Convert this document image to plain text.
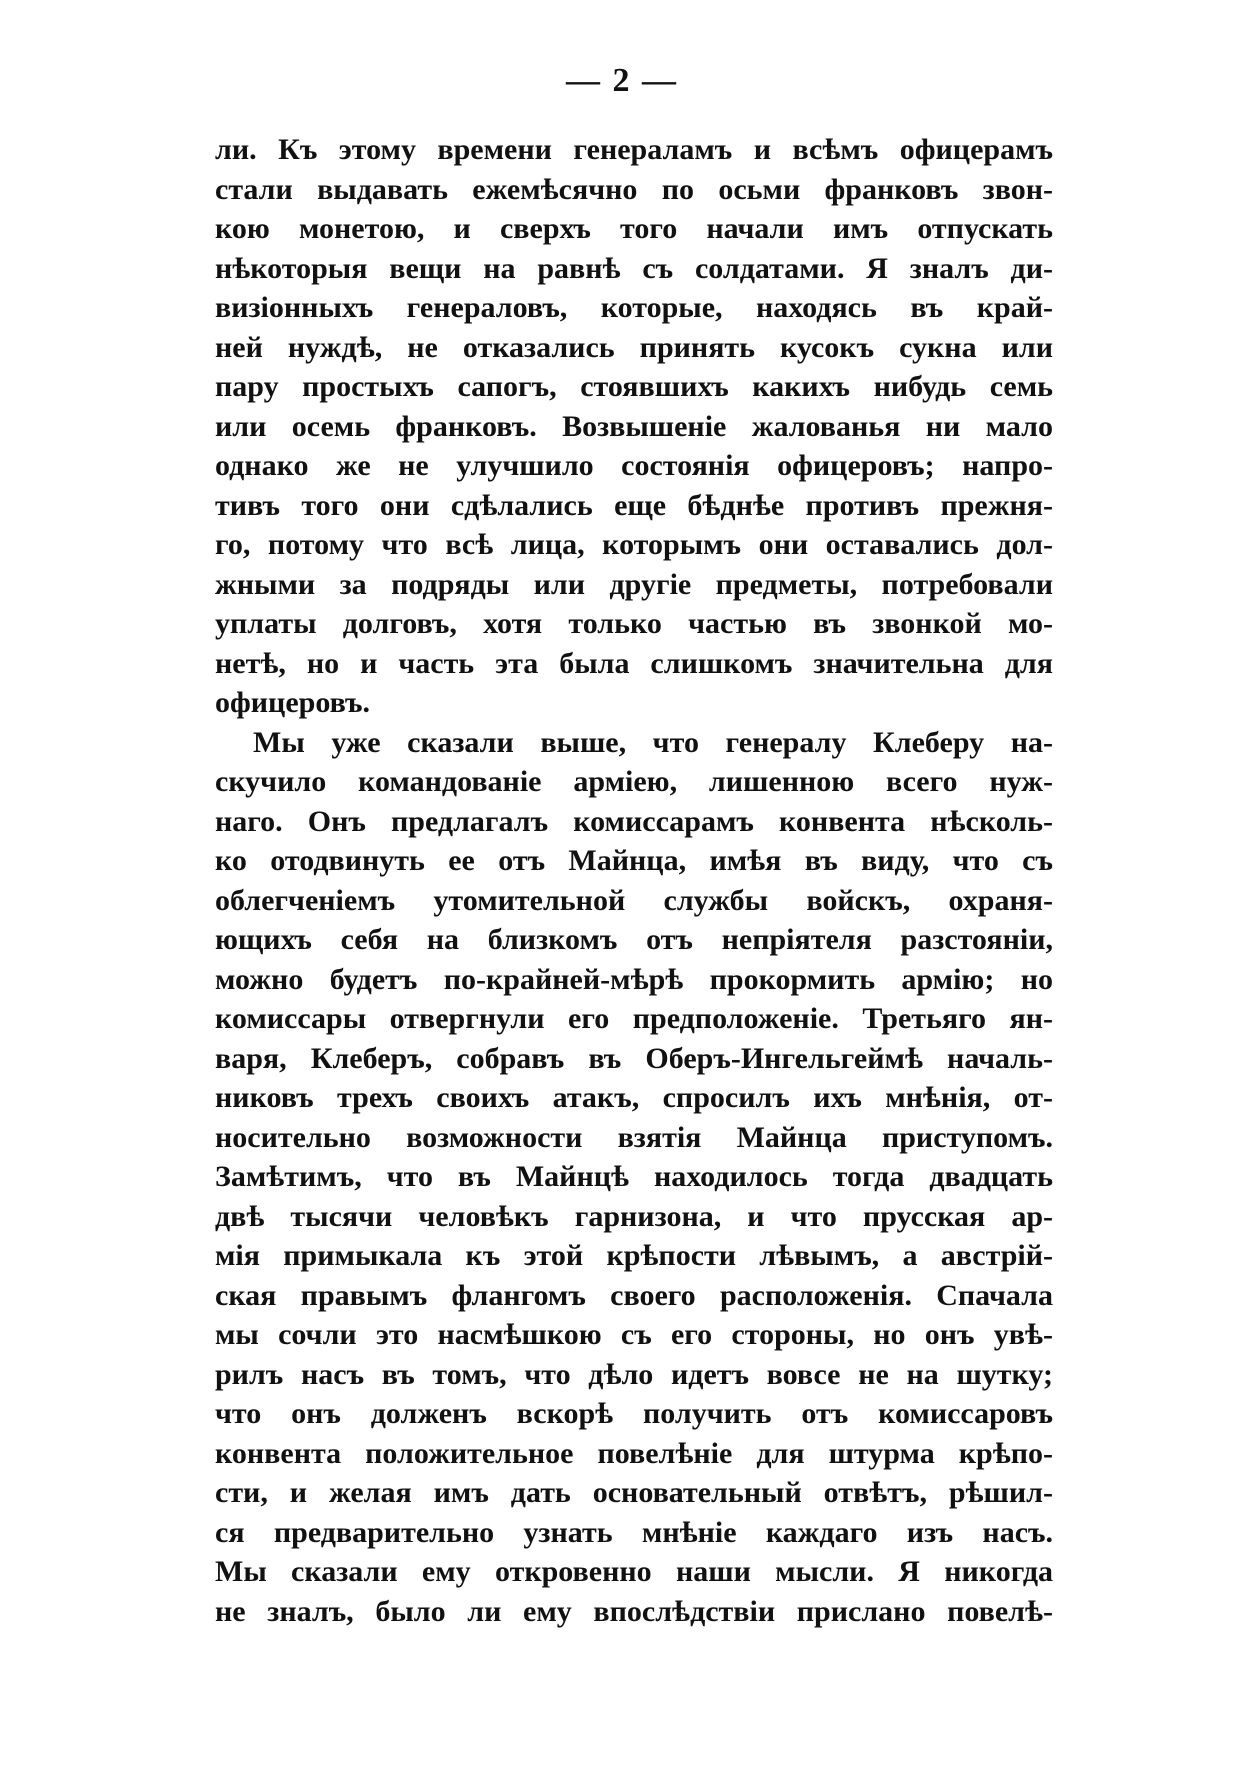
— 2 —
ли. Къ этому времени генераламъ и всѣмъ офицерамъ
стали выдавать ежемѣсячно по осьми франковъ звон-
кою монетою, и сверхъ того начали имъ отпускать
нѣкоторыя вещи на равнѣ съ солдатами. Я зналъ ди-
визіонныхъ генераловъ, которые, находясь въ край-
ней нуждѣ, не отказались принять кусокъ сукна или
пару простыхъ сапогъ, стоявшихъ какихъ нибудь семь
или осемь франковъ. Возвышеніе жалованья ни мало
однако же не улучшило состоянія офицеровъ; напро-
тивъ того они сдѣлались еще бѣднѣе противъ прежня-
го, потому что всѣ лица, которымъ они оставались дол-
жными за подряды или другіе предметы, потребовали
уплаты долговъ, хотя только частью въ звонкой мо-
нетѣ, но и часть эта была слишкомъ значительна для
офицеровъ.
Мы уже сказали выше, что генералу Клеберу на-
скучило командованіе арміею, лишенною всего нуж-
наго. Онъ предлагалъ комиссарамъ конвента нѣсколь-
ко отодвинуть ее отъ Майнца, имѣя въ виду, что съ
облегченіемъ утомительной службы войскъ, охраня-
ющихъ себя на близкомъ отъ непріятеля разстояніи,
можно будетъ по-крайней-мѣрѣ прокормить армію; но
комиссары отвергнули его предположеніе. Третьяго ян-
варя, Клеберъ, собравъ въ Оберъ-Ингельгеймѣ началь-
никовъ трехъ своихъ атакъ, спросилъ ихъ мнѣнія, от-
носительно возможности взятія Майнца приступомъ.
Замѣтимъ, что въ Майнцѣ находилось тогда двадцать
двѣ тысячи человѣкъ гарнизона, и что прусская ар-
мія примыкала къ этой крѣпости лѣвымъ, а австрій-
ская правымъ флангомъ своего расположенія. Спачала
мы сочли это насмѣшкою съ его стороны, но онъ увѣ-
рилъ насъ въ томъ, что дѣло идетъ вовсе не на шутку;
что онъ долженъ вскорѣ получить отъ комиссаровъ
конвента положительное повелѣніе для штурма крѣпо-
сти, и желая имъ дать основательный отвѣтъ, рѣшил-
ся предварительно узнать мнѣніе каждаго изъ насъ.
Мы сказали ему откровенно наши мысли. Я никогда
не зналъ, было ли ему впослѣдствіи прислано повелѣ-
